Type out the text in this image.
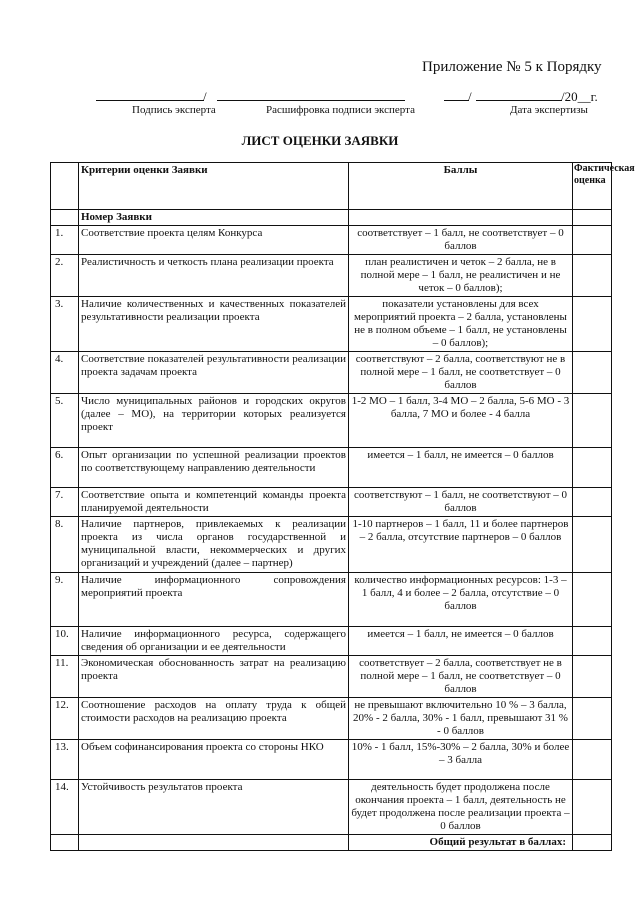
Приложение № 5 к Порядку
/	/	/20__г.
Подпись эксперта	Расшифровка подписи эксперта	Дата экспертизы
ЛИСТ ОЦЕНКИ ЗАЯВКИ
	Критерии оценки Заявки	Баллы	Фактическая оценка
	Номер Заявки		
1.	Соответствие проекта целям Конкурса	соответствует – 1 балл, не соответствует – 0 баллов	
2.	Реалистичность и четкость плана реализации проекта	план реалистичен и четок – 2 балла, не в полной мере – 1 балл, не реалистичен и не четок – 0 баллов);	
3.	Наличие количественных и качественных показателей результативности реализации проекта	показатели установлены для всех мероприятий проекта – 2 балла, установлены не в полном объеме – 1 балл, не установлены – 0 баллов);	
4.	Соответствие показателей результативности реализации проекта задачам проекта	соответствуют – 2 балла, соответствуют не в полной мере – 1 балл, не соответствует – 0 баллов	
5.	Число муниципальных районов и городских округов (далее – МО), на территории которых реализуется проект	1-2 МО – 1 балл, 3-4 МО – 2 балла, 5-6 МО - 3 балла, 7 МО и более - 4 балла	
6.	Опыт организации по успешной реализации проектов по соответствующему направлению деятельности	имеется – 1 балл, не имеется – 0 баллов	
7.	Соответствие опыта и компетенций команды проекта планируемой деятельности	соответствуют – 1 балл, не соответствуют – 0 баллов	
8.	Наличие партнеров, привлекаемых к реализации проекта из числа органов государственной и муниципальной власти, некоммерческих и других организаций и учреждений (далее – партнер)	1-10 партнеров – 1 балл, 11 и более партнеров – 2 балла, отсутствие партнеров – 0 баллов	
9.	Наличие информационного сопровождения мероприятий проекта	количество информационных ресурсов: 1-3 – 1 балл, 4 и более – 2 балла, отсутствие – 0 баллов	
10.	Наличие информационного ресурса, содержащего сведения об организации и ее деятельности	имеется – 1 балл, не имеется – 0 баллов	
11.	Экономическая обоснованность затрат на реализацию проекта	соответствует – 2 балла, соответствует не в полной мере – 1 балл, не соответствует – 0 баллов	
12.	Соотношение расходов на оплату труда к общей стоимости расходов на реализацию проекта	не превышают включительно 10 % – 3 балла, 20% - 2 балла, 30% - 1 балл, превышают 31 % - 0 баллов	
13.	Объем софинансирования проекта со стороны НКО	10% - 1 балл, 15%-30% – 2 балла, 30% и более – 3 балла	
14.	Устойчивость результатов проекта	деятельность будет продолжена после окончания проекта – 1 балл, деятельность не будет продолжена после реализации проекта – 0 баллов	
		Общий результат в баллах:	
